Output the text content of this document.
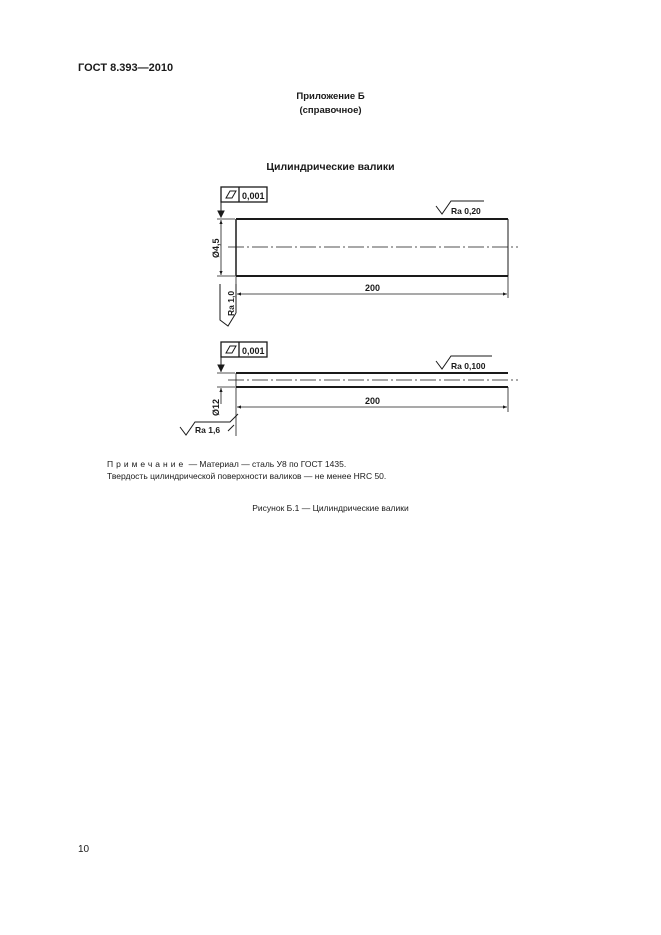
ГОСТ 8.393—2010
Приложение Б
(справочное)
Цилиндрические валики
0,001
Ra 0,20
Ø4,5
200
Ra 1,0
0,001
Ra 0,100
Ø12	200
Ra 1,6
Примечание — Материал — сталь У8 по ГОСТ 1435.
Твердость цилиндрической поверхности валиков — не менее HRC 50.
Рисунок Б.1 — Цилиндрические валики
10
